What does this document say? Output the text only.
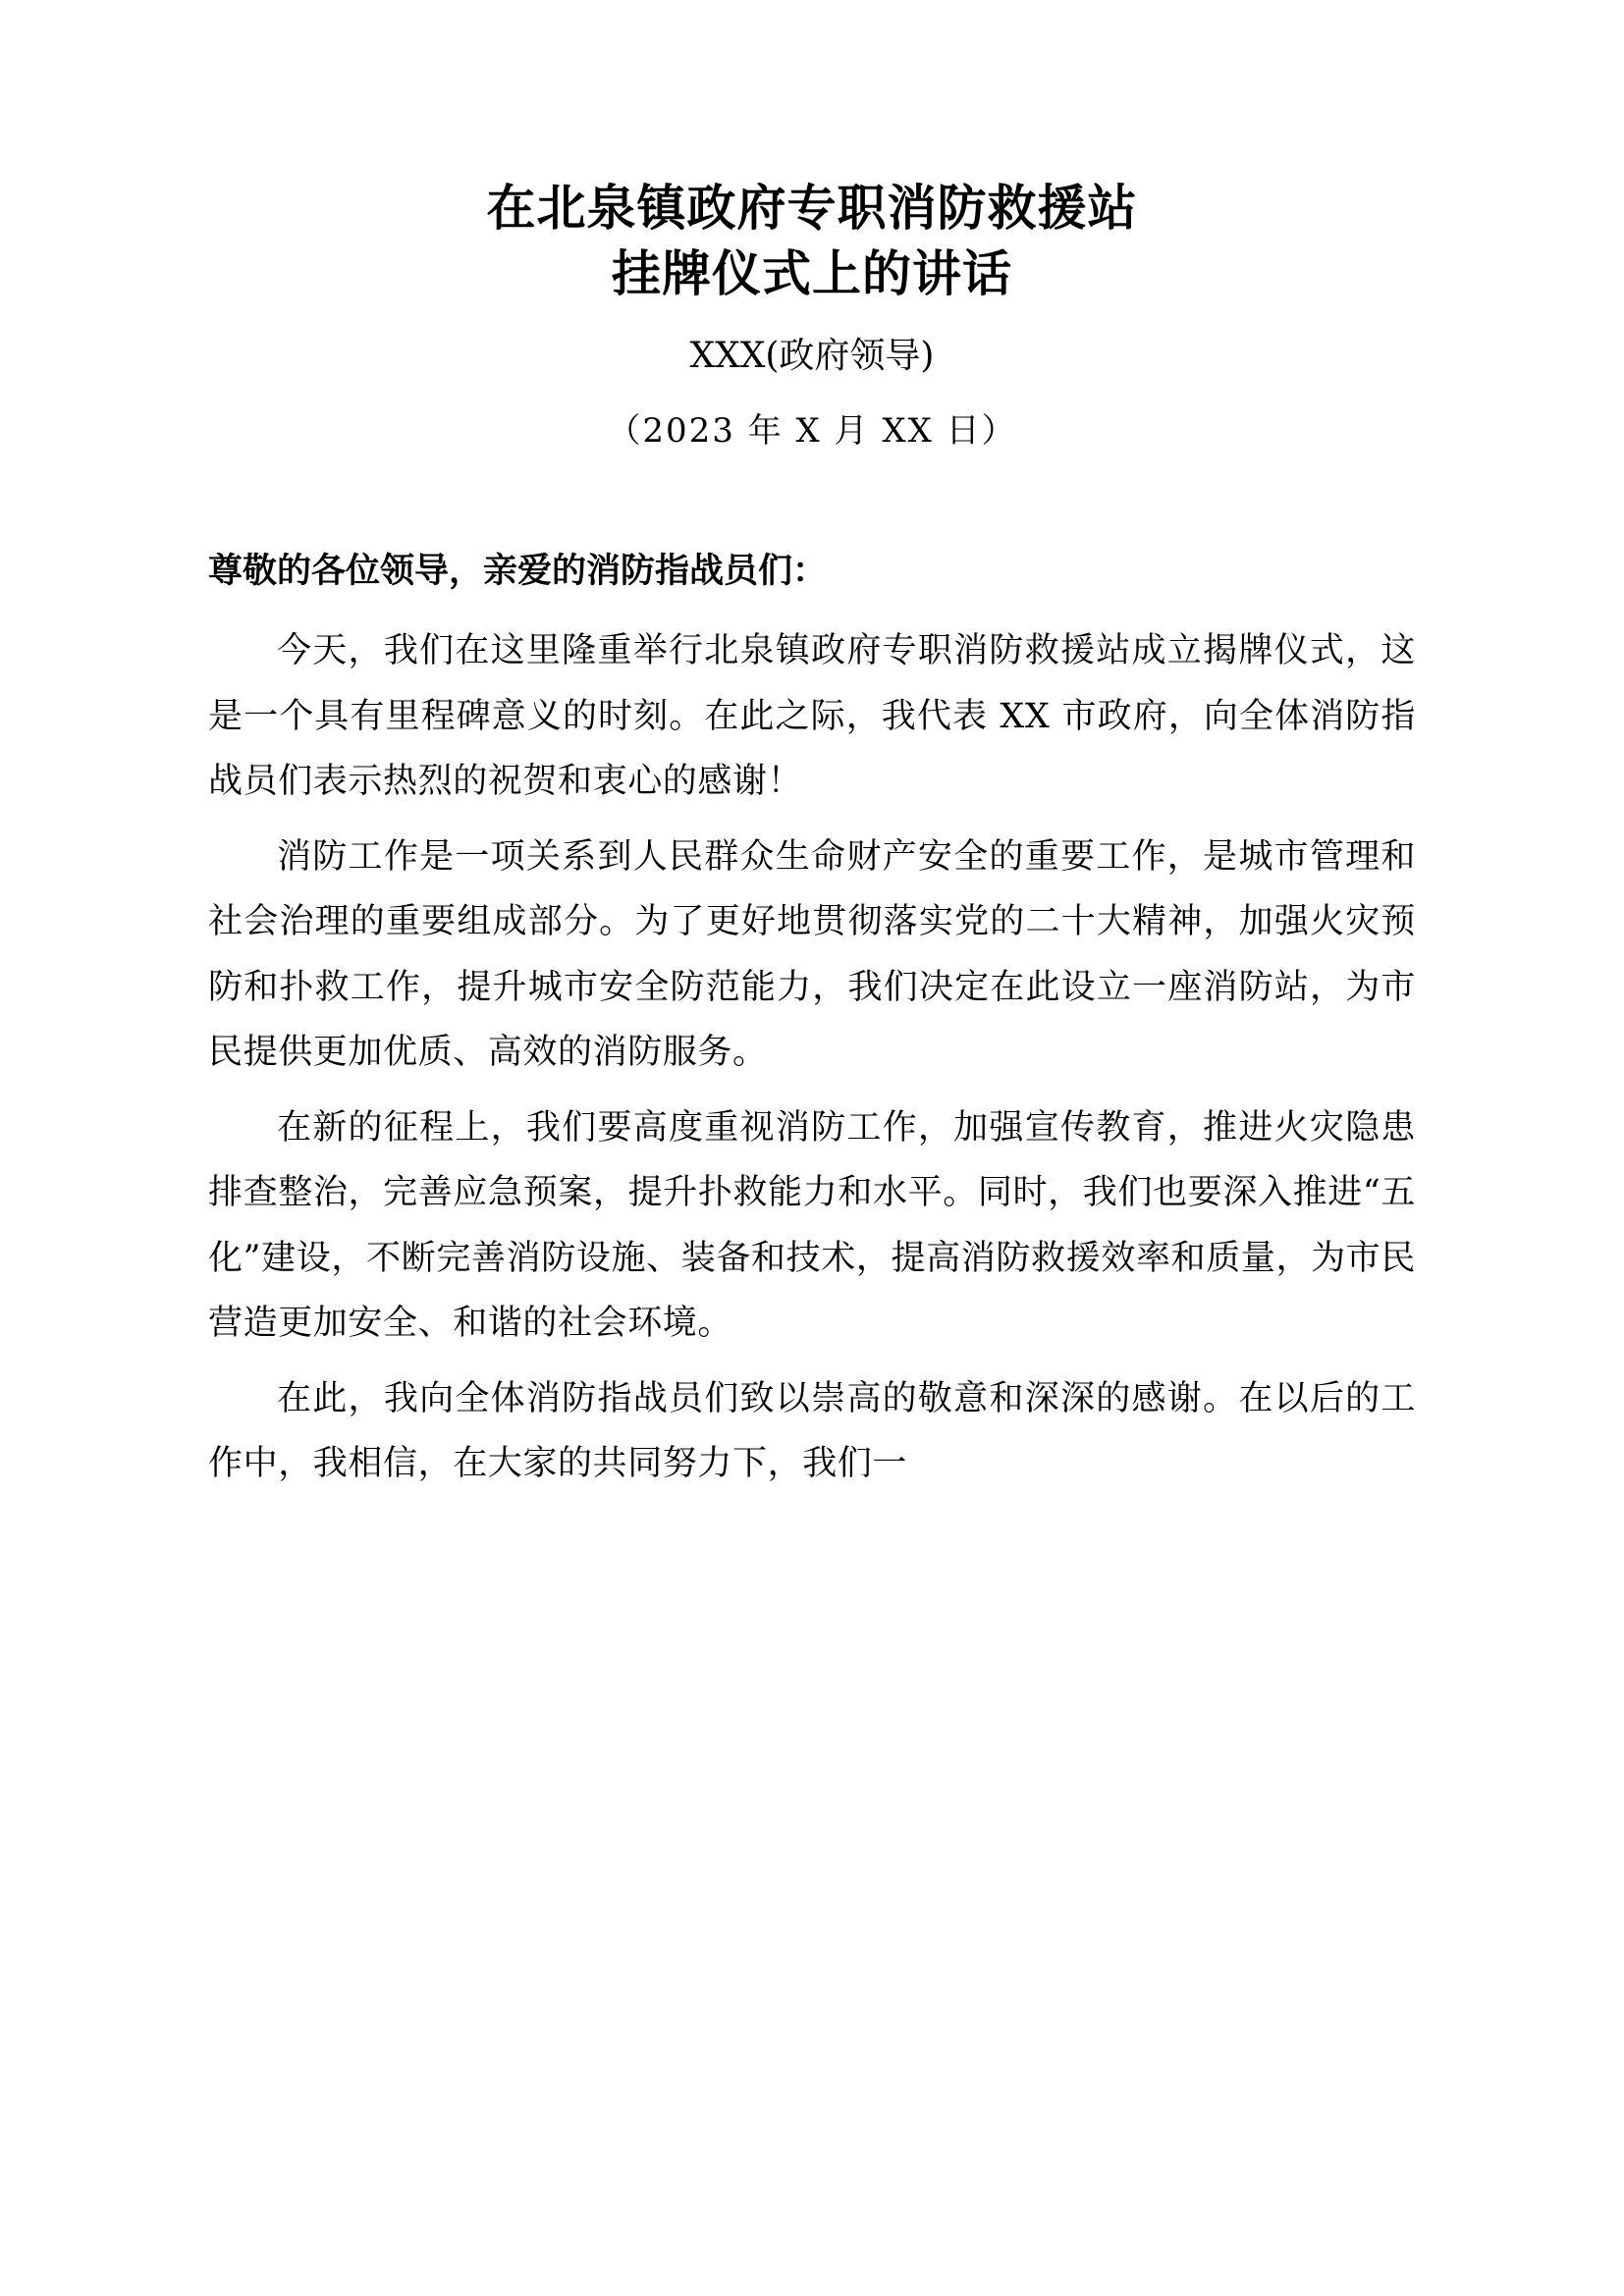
在北泉镇政府专职消防救援站
挂牌仪式上的讲话

XXX(政府领导)

（2023 年 X 月 XX 日）

尊敬的各位领导，亲爱的消防指战员们：

今天，我们在这里隆重举行北泉镇政府专职消防救援站成立揭牌仪式，这是一个具有里程碑意义的时刻。在此之际，我代表 XX 市政府，向全体消防指战员们表示热烈的祝贺和衷心的感谢！

消防工作是一项关系到人民群众生命财产安全的重要工作，是城市管理和社会治理的重要组成部分。为了更好地贯彻落实党的二十大精神，加强火灾预防和扑救工作，提升城市安全防范能力，我们决定在此设立一座消防站，为市民提供更加优质、高效的消防服务。

在新的征程上，我们要高度重视消防工作，加强宣传教育，推进火灾隐患排查整治，完善应急预案，提升扑救能力和水平。同时，我们也要深入推进“五化”建设，不断完善消防设施、装备和技术，提高消防救援效率和质量，为市民营造更加安全、和谐的社会环境。

在此，我向全体消防指战员们致以崇高的敬意和深深的感谢。在以后的工作中，我相信，在大家的共同努力下，我们一
